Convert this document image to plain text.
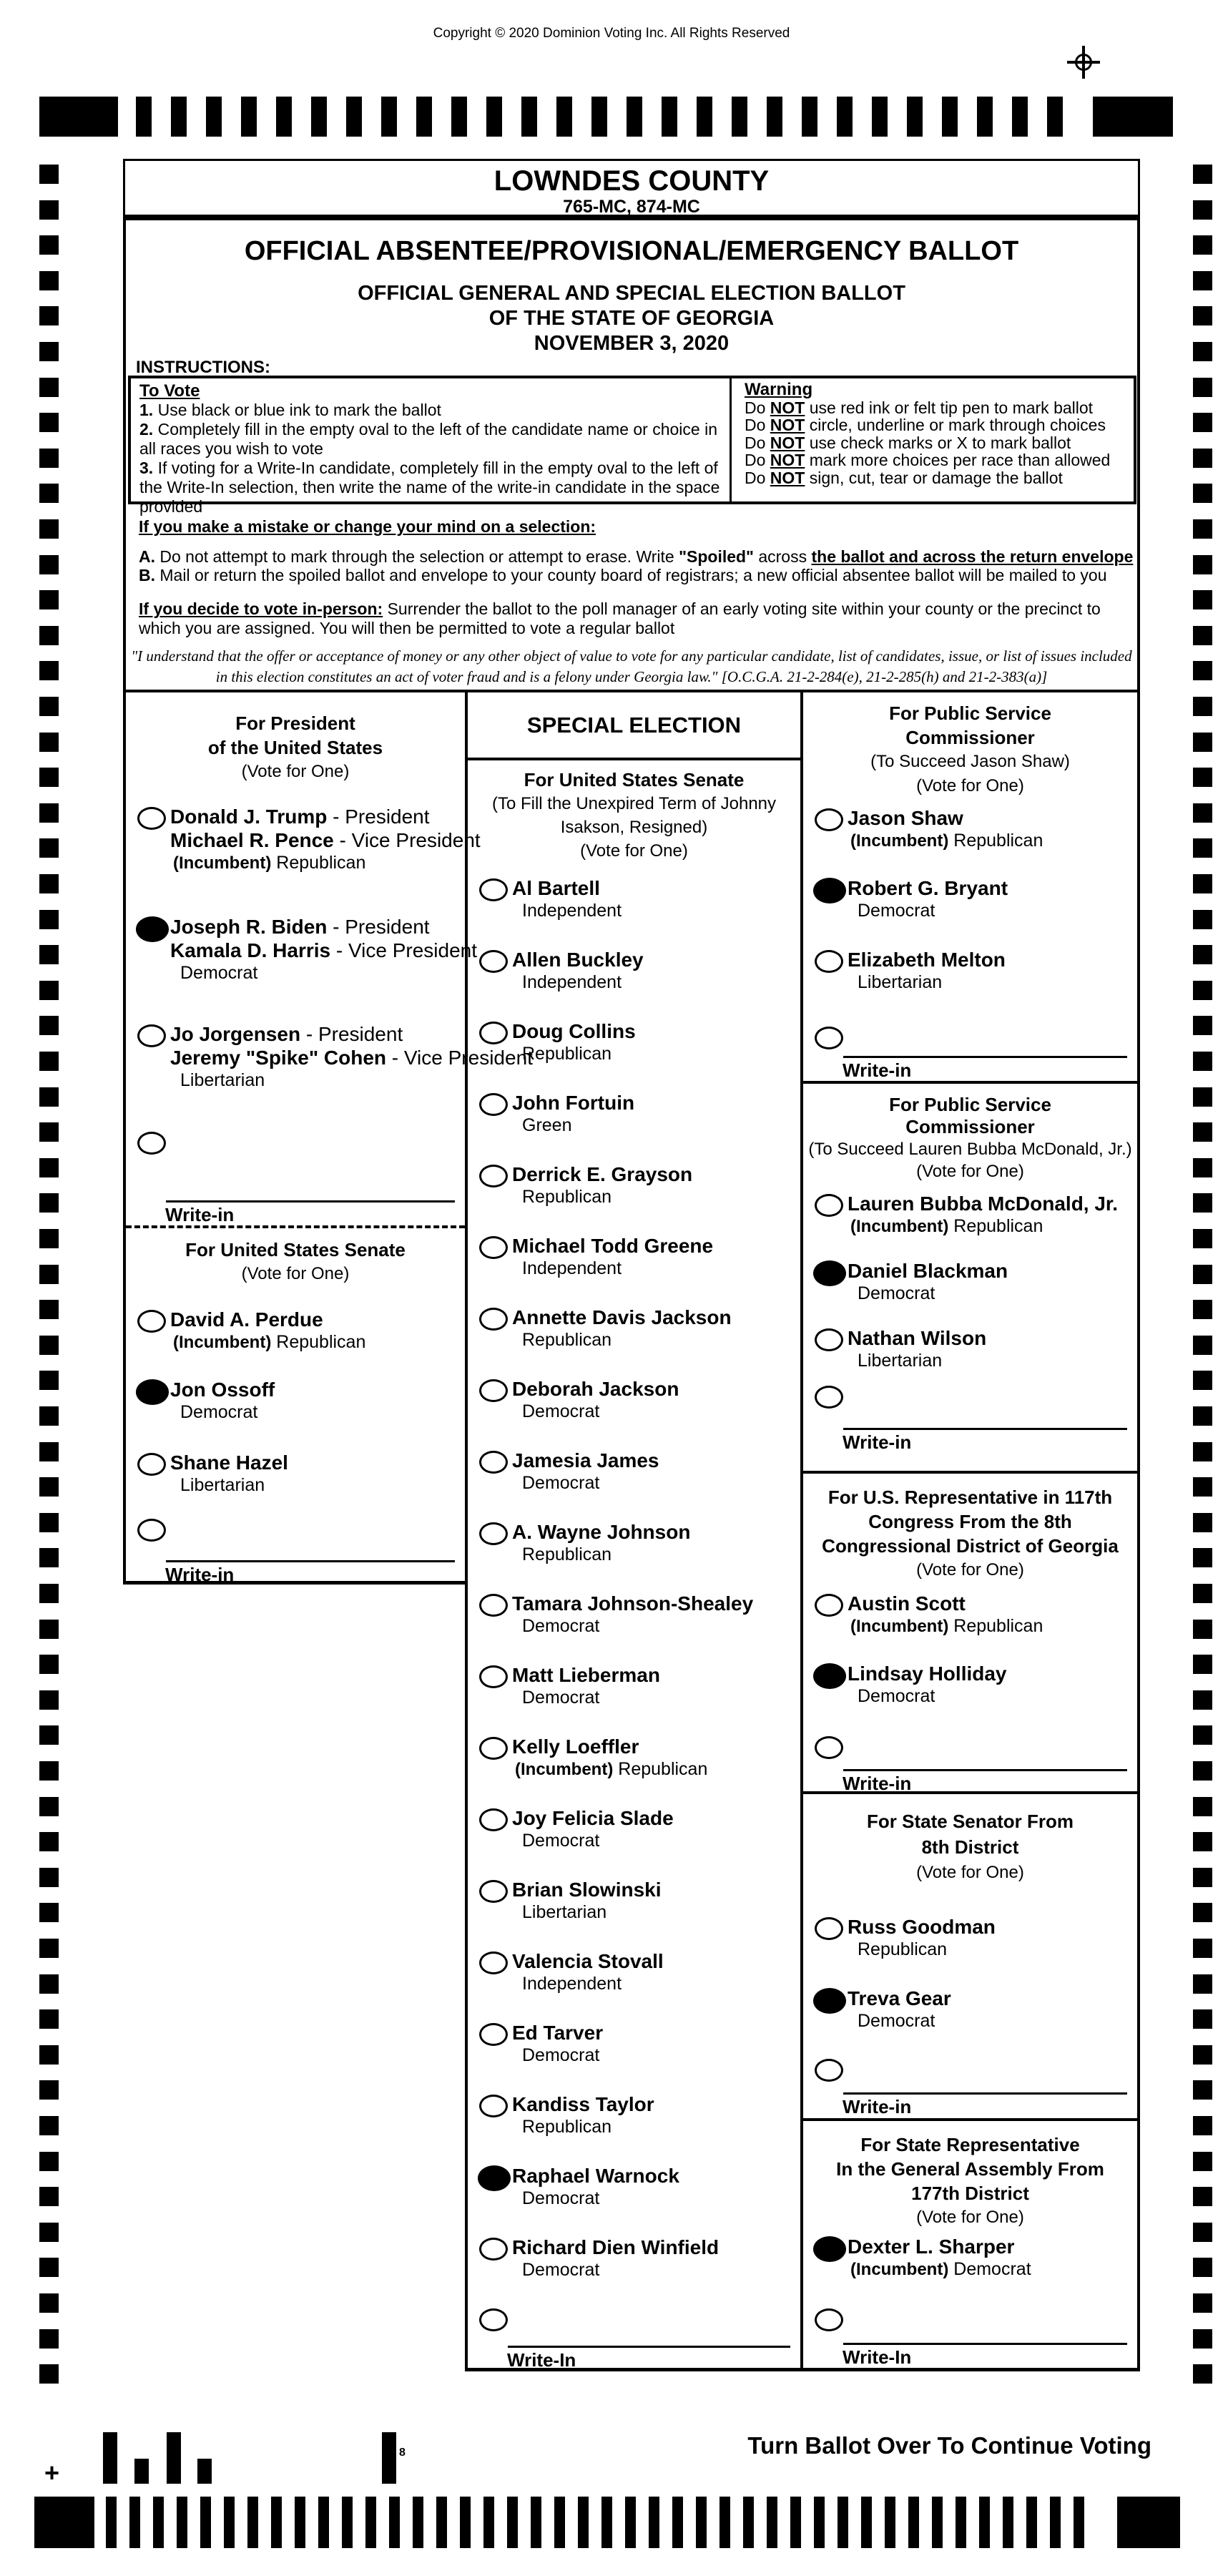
Copyright © 2020 Dominion Voting Inc. All Rights Reserved
LOWNDES COUNTY
765-MC, 874-MC
OFFICIAL ABSENTEE/PROVISIONAL/EMERGENCY BALLOT
OFFICIAL GENERAL AND SPECIAL ELECTION BALLOT
OF THE STATE OF GEORGIA
NOVEMBER 3, 2020
INSTRUCTIONS:
To Vote
1. Use black or blue ink to mark the ballot
2. Completely fill in the empty oval to the left of the candidate name or choice in all races you wish to vote
3. If voting for a Write-In candidate, completely fill in the empty oval to the left of the Write-In selection, then write the name of the write-in candidate in the space provided
Warning
Do NOT use red ink or felt tip pen to mark ballot
Do NOT circle, underline or mark through choices
Do NOT use check marks or X to mark ballot
Do NOT mark more choices per race than allowed
Do NOT sign, cut, tear or damage the ballot
If you make a mistake or change your mind on a selection:
A. Do not attempt to mark through the selection or attempt to erase. Write "Spoiled" across the ballot and across the return envelope
B. Mail or return the spoiled ballot and envelope to your county board of registrars; a new official absentee ballot will be mailed to you
If you decide to vote in-person: Surrender the ballot to the poll manager of an early voting site within your county or the precinct to which you are assigned. You will then be permitted to vote a regular ballot
"I understand that the offer or acceptance of money or any other object of value to vote for any particular candidate, list of candidates, issue, or list of issues included in this election constitutes an act of voter fraud and is a felony under Georgia law." [O.C.G.A. 21-2-284(e), 21-2-285(h) and 21-2-383(a)]
For President
of the United States
(Vote for One)
Donald J. Trump - President
Michael R. Pence - Vice President
(Incumbent) Republican
Joseph R. Biden - President
Kamala D. Harris - Vice President
Democrat
Jo Jorgensen - President
Jeremy "Spike" Cohen - Vice President
Libertarian
Write-in
For United States Senate
(Vote for One)
David A. Perdue
(Incumbent) Republican
Jon Ossoff
Democrat
Shane Hazel
Libertarian
Write-in
SPECIAL ELECTION
For United States Senate
(To Fill the Unexpired Term of Johnny
Isakson, Resigned)
(Vote for One)
Al Bartell
Independent
Allen Buckley
Independent
Doug Collins
Republican
John Fortuin
Green
Derrick E. Grayson
Republican
Michael Todd Greene
Independent
Annette Davis Jackson
Republican
Deborah Jackson
Democrat
Jamesia James
Democrat
A. Wayne Johnson
Republican
Tamara Johnson-Shealey
Democrat
Matt Lieberman
Democrat
Kelly Loeffler
(Incumbent) Republican
Joy Felicia Slade
Democrat
Brian Slowinski
Libertarian
Valencia Stovall
Independent
Ed Tarver
Democrat
Kandiss Taylor
Republican
Raphael Warnock
Democrat
Richard Dien Winfield
Democrat
Write-In
For Public Service
Commissioner
(To Succeed Jason Shaw)
(Vote for One)
Jason Shaw
(Incumbent) Republican
Robert G. Bryant
Democrat
Elizabeth Melton
Libertarian
Write-in
For Public Service
Commissioner
(To Succeed Lauren Bubba McDonald, Jr.)
(Vote for One)
Lauren Bubba McDonald, Jr.
(Incumbent) Republican
Daniel Blackman
Democrat
Nathan Wilson
Libertarian
Write-in
For U.S. Representative in 117th
Congress From the 8th
Congressional District of Georgia
(Vote for One)
Austin Scott
(Incumbent) Republican
Lindsay Holliday
Democrat
Write-in
For State Senator From
8th District
(Vote for One)
Russ Goodman
Republican
Treva Gear
Democrat
Write-in
For State Representative
In the General Assembly From
177th District
(Vote for One)
Dexter L. Sharper
(Incumbent) Democrat
Write-In
Turn Ballot Over To Continue Voting
+
8
